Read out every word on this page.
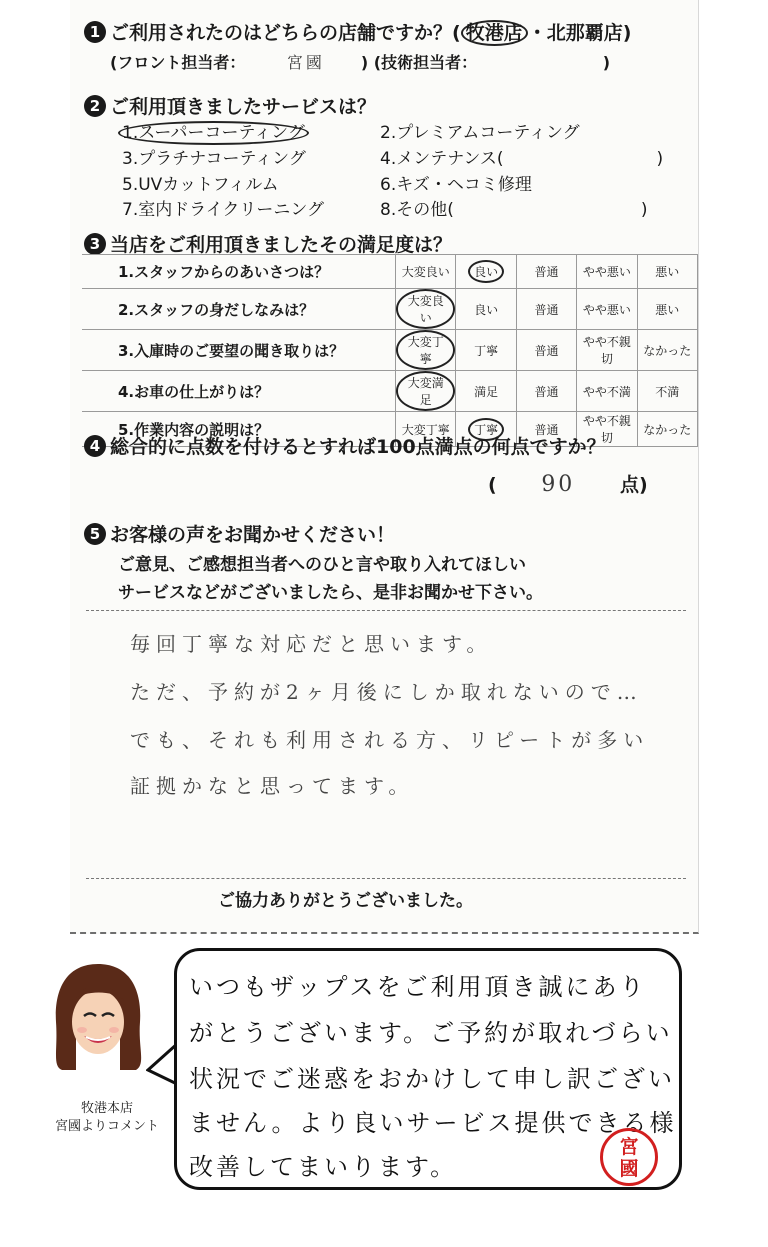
1 ご利用されたのはどちらの店舗ですか？( 牧港店 ・北那覇店)
(フロント担当者：	宮國 ) (技術担当者：	)
2 ご利用頂きましたサービスは？
1.スーパーコーティング	2.プレミアムコーティング
3.プラチナコーティング	4.メンテナンス(　　　　　　　　　)
5.UVカットフィルム	6.キズ・ヘコミ修理
7.室内ドライクリーニング	8.その他(　　　　　　　　　　　)
3 当店をご利用頂きましたその満足度は？
1.スタッフからのあいさつは？	大変良い	良い	普通	やや悪い	悪い
2.スタッフの身だしなみは？	大変良い	良い	普通	やや悪い	悪い
3.入庫時のご要望の聞き取りは？	大変丁寧	丁寧	普通	やや不親切	なかった
4.お車の仕上がりは？	大変満足	満足	普通	やや不満	不満
5.作業内容の説明は？	大変丁寧	丁寧	普通	やや不親切	なかった
4 総合的に点数を付けるとすれば100点満点の何点ですか？
( 90 点)
5 お客様の声をお聞かせください！
ご意見、ご感想担当者へのひと言や取り入れてほしい
サービスなどがございましたら、是非お聞かせ下さい。
毎回丁寧な対応だと思います。
ただ、予約が2ヶ月後にしか取れないので…
でも、それも利用される方、リピートが多い
証拠かなと思ってます。
ご協力ありがとうございました。
牧港本店
宮國よりコメント
いつもザップスをご利用頂き誠にあり
がとうございます。ご予約が取れづらい
状況でご迷惑をおかけして申し訳ござい
ません。より良いサービス提供できる様
改善してまいります。
宮國
